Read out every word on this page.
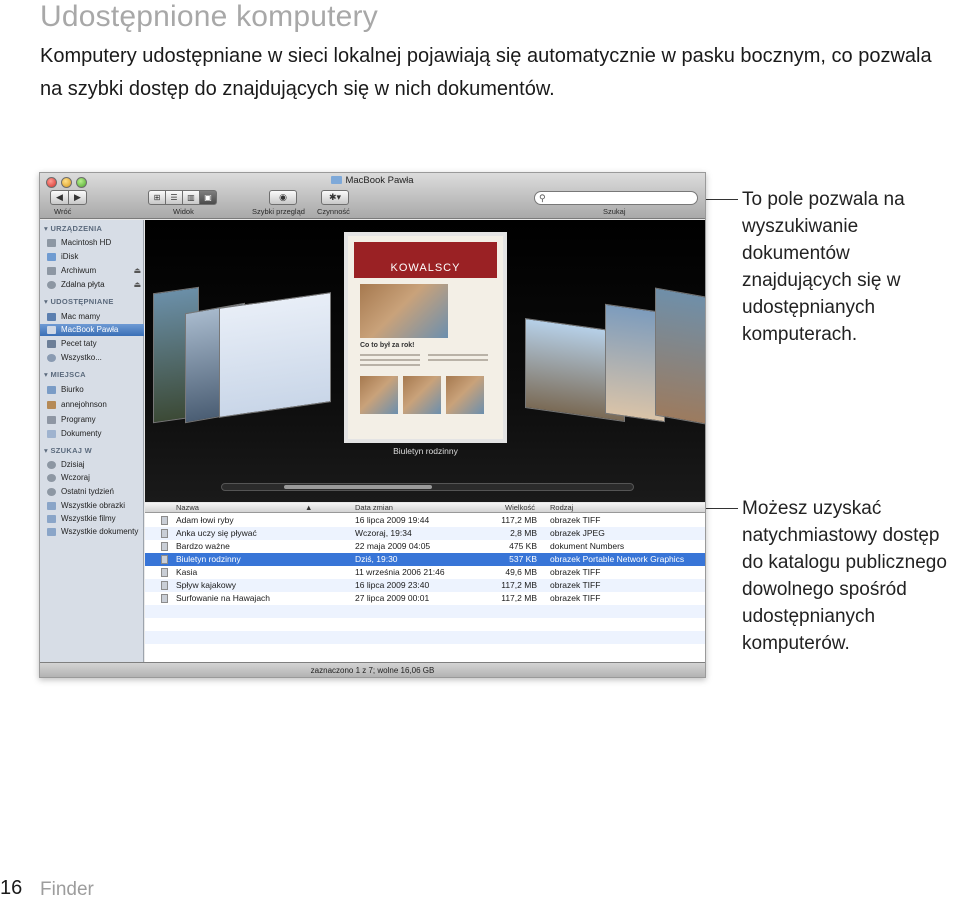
Udostępnione komputery
Komputery udostępniane w sieci lokalnej pojawiają się automatycznie w pasku bocznym, co pozwala na szybki dostęp do znajdujących się w nich dokumentów.
To pole pozwala na wyszukiwanie dokumentów znajdujących się w udostępnianych komputerach.
Możesz uzyskać natychmiastowy dostęp do katalogu publicznego dowolnego spośród udostępnianych komputerów.
MacBook Pawła
◀	▶	⊞	☰	▥	▣	◉	✱▾	⚲
Wróć	Widok	Szybki przegląd Czynność	Szukaj
▾ URZĄDZENIA
Macintosh HD
iDisk
Archiwum	⏏
Zdalna płyta	⏏
▾ UDOSTĘPNIANE
Mac mamy
MacBook Pawła
Pecet taty
Wszystko...
▾ MIEJSCA
Biurko
annejohnson
Programy
Dokumenty
▾ SZUKAJ W
Dzisiaj
Wczoraj
Ostatni tydzień
Wszystkie obrazki
Wszystkie filmy
Wszystkie dokumenty
KOWALSCY
Co to był za rok!
Biuletyn rodzinny
Nazwa	▲	Data zmian	Wielkość Rodzaj
Adam łowi ryby	16 lipca 2009 19:44	117,2 MB obrazek TIFF
Anka uczy się pływać	Wczoraj, 19:34	2,8 MB obrazek JPEG
Bardzo ważne	22 maja 2009 04:05	475 KB dokument Numbers
Biuletyn rodzinny	Dziś, 19:30	537 KB obrazek Portable Network Graphics
Kasia	11 września 2006 21:46	49,6 MB obrazek TIFF
Spływ kajakowy	16 lipca 2009 23:40	117,2 MB obrazek TIFF
Surfowanie na Hawajach	27 lipca 2009 00:01	117,2 MB obrazek TIFF
zaznaczono 1 z 7; wolne 16,06 GB
16 Finder
